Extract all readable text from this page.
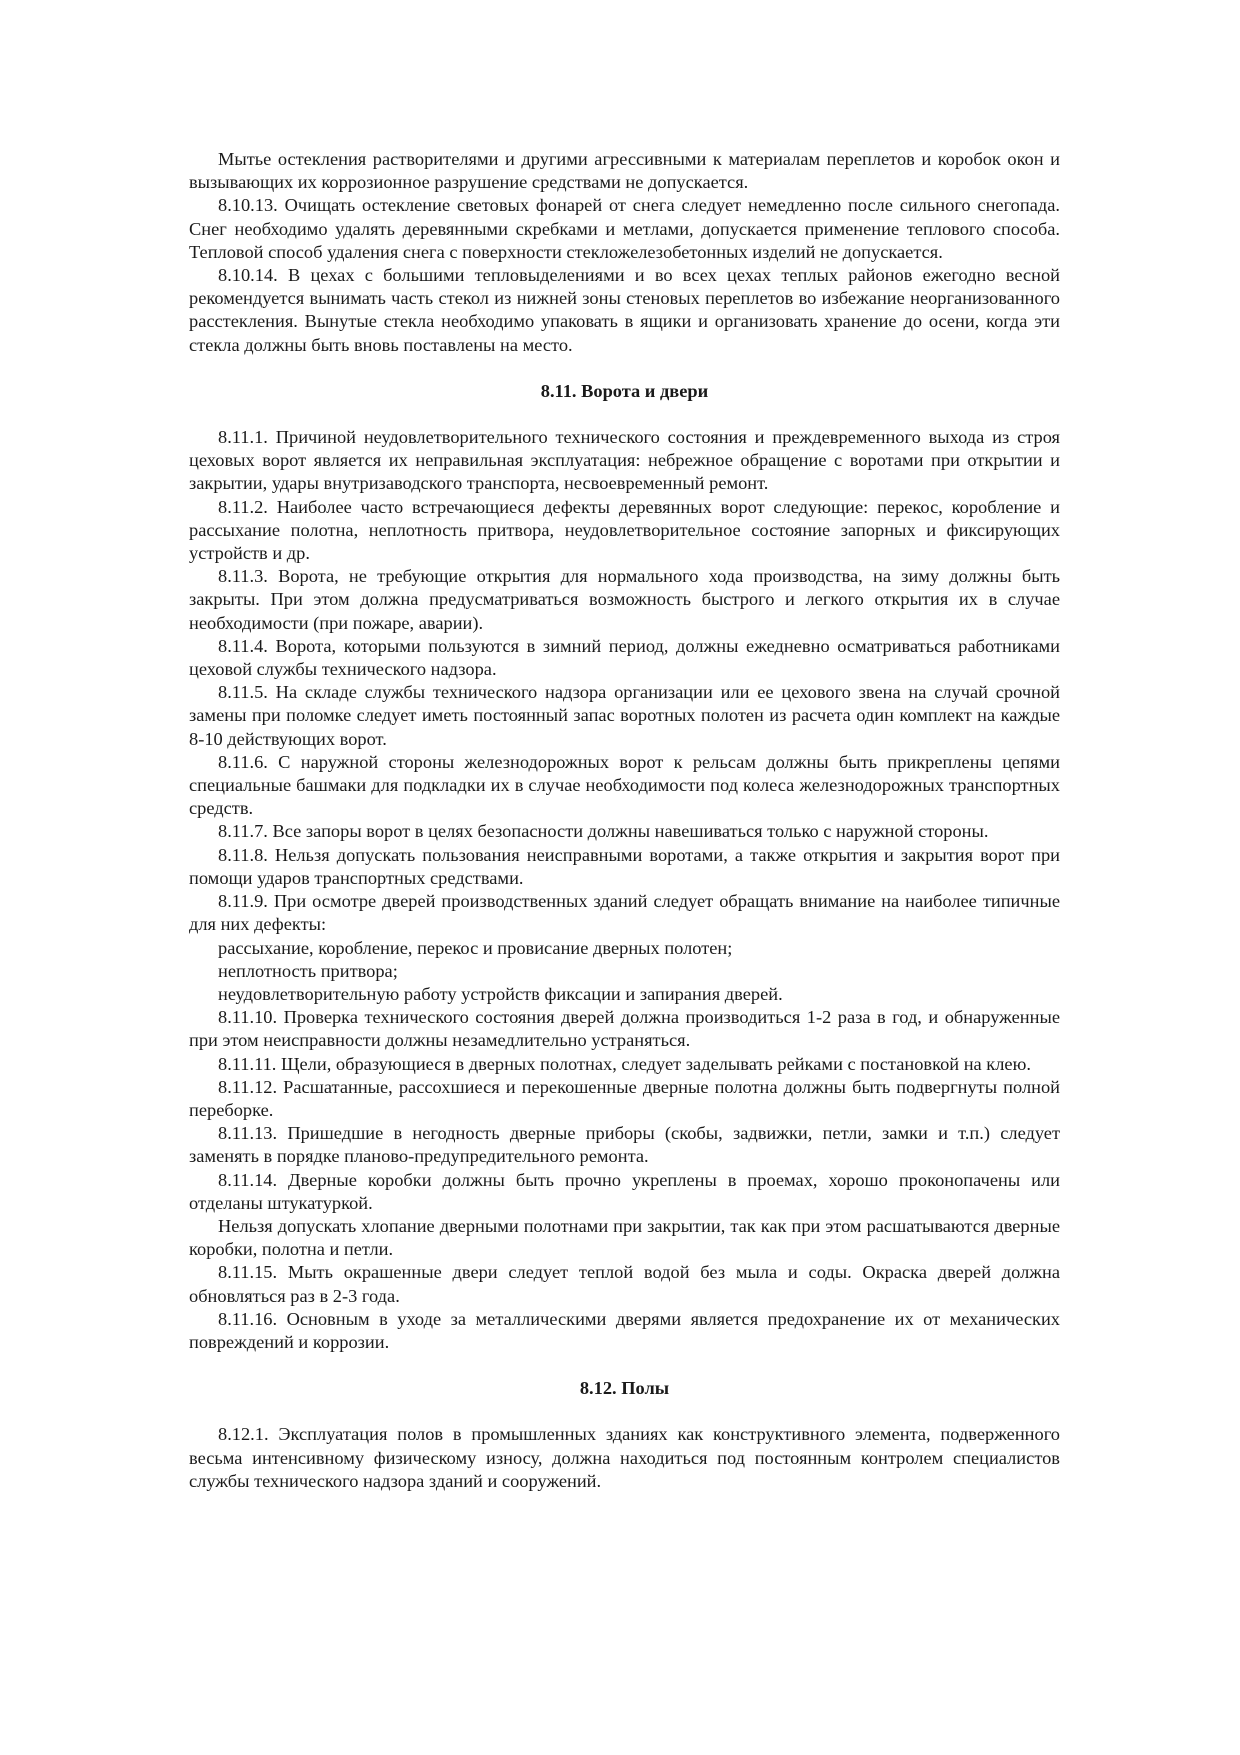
Мытье остекления растворителями и другими агрессивными к материалам переплетов и коробок окон и вызывающих их коррозионное разрушение средствами не допускается.

8.10.13. Очищать остекление световых фонарей от снега следует немедленно после сильного снегопада. Снег необходимо удалять деревянными скребками и метлами, допускается применение теплового способа. Тепловой способ удаления снега с поверхности стекложелезобетонных изделий не допускается.

8.10.14. В цехах с большими тепловыделениями и во всех цехах теплых районов ежегодно весной рекомендуется вынимать часть стекол из нижней зоны стеновых переплетов во избежание неорганизованного расстекления. Вынутые стекла необходимо упаковать в ящики и организовать хранение до осени, когда эти стекла должны быть вновь поставлены на место.

8.11. Ворота и двери

8.11.1. Причиной неудовлетворительного технического состояния и преждевременного выхода из строя цеховых ворот является их неправильная эксплуатация: небрежное обращение с воротами при открытии и закрытии, удары внутризаводского транспорта, несвоевременный ремонт.

8.11.2. Наиболее часто встречающиеся дефекты деревянных ворот следующие: перекос, коробление и рассыхание полотна, неплотность притвора, неудовлетворительное состояние запорных и фиксирующих устройств и др.

8.11.3. Ворота, не требующие открытия для нормального хода производства, на зиму должны быть закрыты. При этом должна предусматриваться возможность быстрого и легкого открытия их в случае необходимости (при пожаре, аварии).

8.11.4. Ворота, которыми пользуются в зимний период, должны ежедневно осматриваться работниками цеховой службы технического надзора.

8.11.5. На складе службы технического надзора организации или ее цехового звена на случай срочной замены при поломке следует иметь постоянный запас воротных полотен из расчета один комплект на каждые 8-10 действующих ворот.

8.11.6. С наружной стороны железнодорожных ворот к рельсам должны быть прикреплены цепями специальные башмаки для подкладки их в случае необходимости под колеса железнодорожных транспортных средств.

8.11.7. Все запоры ворот в целях безопасности должны навешиваться только с наружной стороны.

8.11.8. Нельзя допускать пользования неисправными воротами, а также открытия и закрытия ворот при помощи ударов транспортных средствами.

8.11.9. При осмотре дверей производственных зданий следует обращать внимание на наиболее типичные для них дефекты:

рассыхание, коробление, перекос и провисание дверных полотен;

неплотность притвора;

неудовлетворительную работу устройств фиксации и запирания дверей.

8.11.10. Проверка технического состояния дверей должна производиться 1-2 раза в год, и обнаруженные при этом неисправности должны незамедлительно устраняться.

8.11.11. Щели, образующиеся в дверных полотнах, следует заделывать рейками с постановкой на клею.

8.11.12. Расшатанные, рассохшиеся и перекошенные дверные полотна должны быть подвергнуты полной переборке.

8.11.13. Пришедшие в негодность дверные приборы (скобы, задвижки, петли, замки и т.п.) следует заменять в порядке планово-предупредительного ремонта.

8.11.14. Дверные коробки должны быть прочно укреплены в проемах, хорошо проконопачены или отделаны штукатуркой.

Нельзя допускать хлопание дверными полотнами при закрытии, так как при этом расшатываются дверные коробки, полотна и петли.

8.11.15. Мыть окрашенные двери следует теплой водой без мыла и соды. Окраска дверей должна обновляться раз в 2-3 года.

8.11.16. Основным в уходе за металлическими дверями является предохранение их от механических повреждений и коррозии.

8.12. Полы

8.12.1. Эксплуатация полов в промышленных зданиях как конструктивного элемента, подверженного весьма интенсивному физическому износу, должна находиться под постоянным контролем специалистов службы технического надзора зданий и сооружений.
